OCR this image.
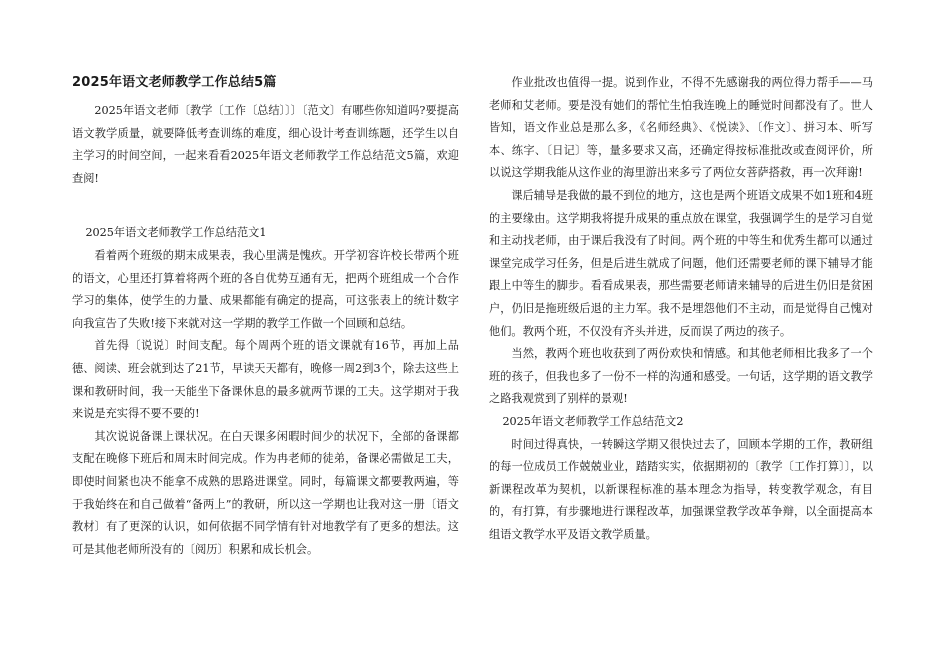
2025年语文老师教学工作总结5篇

2025年语文老师〔教学〔工作〔总结〕〕〕〔范文〕有哪些你知道吗?要提高语文教学质量，就要降低考查训练的难度，细心设计考查训练题，还学生以自主学习的时间空间，一起来看看2025年语文老师教学工作总结范文5篇，欢迎查阅!

2025年语文老师教学工作总结范文1

看着两个班级的期末成果表，我心里满是愧疚。开学初容许校长带两个班的语文，心里还打算着将两个班的各自优势互通有无，把两个班组成一个合作学习的集体，使学生的力量、成果都能有确定的提高，可这张表上的统计数字向我宣告了失败!接下来就对这一学期的教学工作做一个回顾和总结。

首先得〔说说〕时间支配。每个周两个班的语文课就有16节，再加上品德、阅读、班会就到达了21节，早读天天都有，晚修一周2到3个，除去这些上课和教研时间，我一天能坐下备课休息的最多就两节课的工夫。这学期对于我来说是充实得不要不要的!

其次说说备课上课状况。在白天课多闲暇时间少的状况下，全部的备课都支配在晚修下班后和周末时间完成。作为冉老师的徒弟，备课必需做足工夫，即使时间紧也决不能拿不成熟的思路进课堂。同时，每篇课文都要教两遍，等于我始终在和自己做着“备两上”的教研，所以这一学期也让我对这一册〔语文教材〕有了更深的认识，如何依据不同学情有针对地教学有了更多的想法。这可是其他老师所没有的〔阅历〕积累和成长机会。

作业批改也值得一提。说到作业，不得不先感谢我的两位得力帮手——马老师和艾老师。要是没有她们的帮忙生怕我连晚上的睡觉时间都没有了。世人皆知，语文作业总是那么多，《名师经典》、《悦读》、〔作文〕、拼习本、听写本、练字、〔日记〕等，量多要求又高，还确定得按标准批改或查阅评价，所以说这学期我能从这作业的海里游出来多亏了两位女菩萨搭救，再一次拜谢!

课后辅导是我做的最不到位的地方，这也是两个班语文成果不如1班和4班的主要缘由。这学期我将提升成果的重点放在课堂，我强调学生的是学习自觉和主动找老师，由于课后我没有了时间。两个班的中等生和优秀生都可以通过课堂完成学习任务，但是后进生就成了问题，他们还需要老师的课下辅导才能跟上中等生的脚步。看看成果表，那些需要老师请来辅导的后进生仍旧是贫困户，仍旧是拖班级后退的主力军。我不是埋怨他们不主动，而是觉得自己愧对他们。教两个班，不仅没有齐头并进，反而误了两边的孩子。

当然，教两个班也收获到了两份欢快和情感。和其他老师相比我多了一个班的孩子，但我也多了一份不一样的沟通和感受。一句话，这学期的语文教学之路我观赏到了别样的景观!

2025年语文老师教学工作总结范文2

时间过得真快，一转瞬这学期又很快过去了，回顾本学期的工作，教研组的每一位成员工作兢兢业业，踏踏实实，依据期初的〔教学〔工作打算〕〕，以新课程改革为契机，以新课程标准的基本理念为指导，转变教学观念，有目的，有打算，有步骤地进行课程改革，加强课堂教学改革争辩，以全面提高本组语文教学水平及语文教学质量。
